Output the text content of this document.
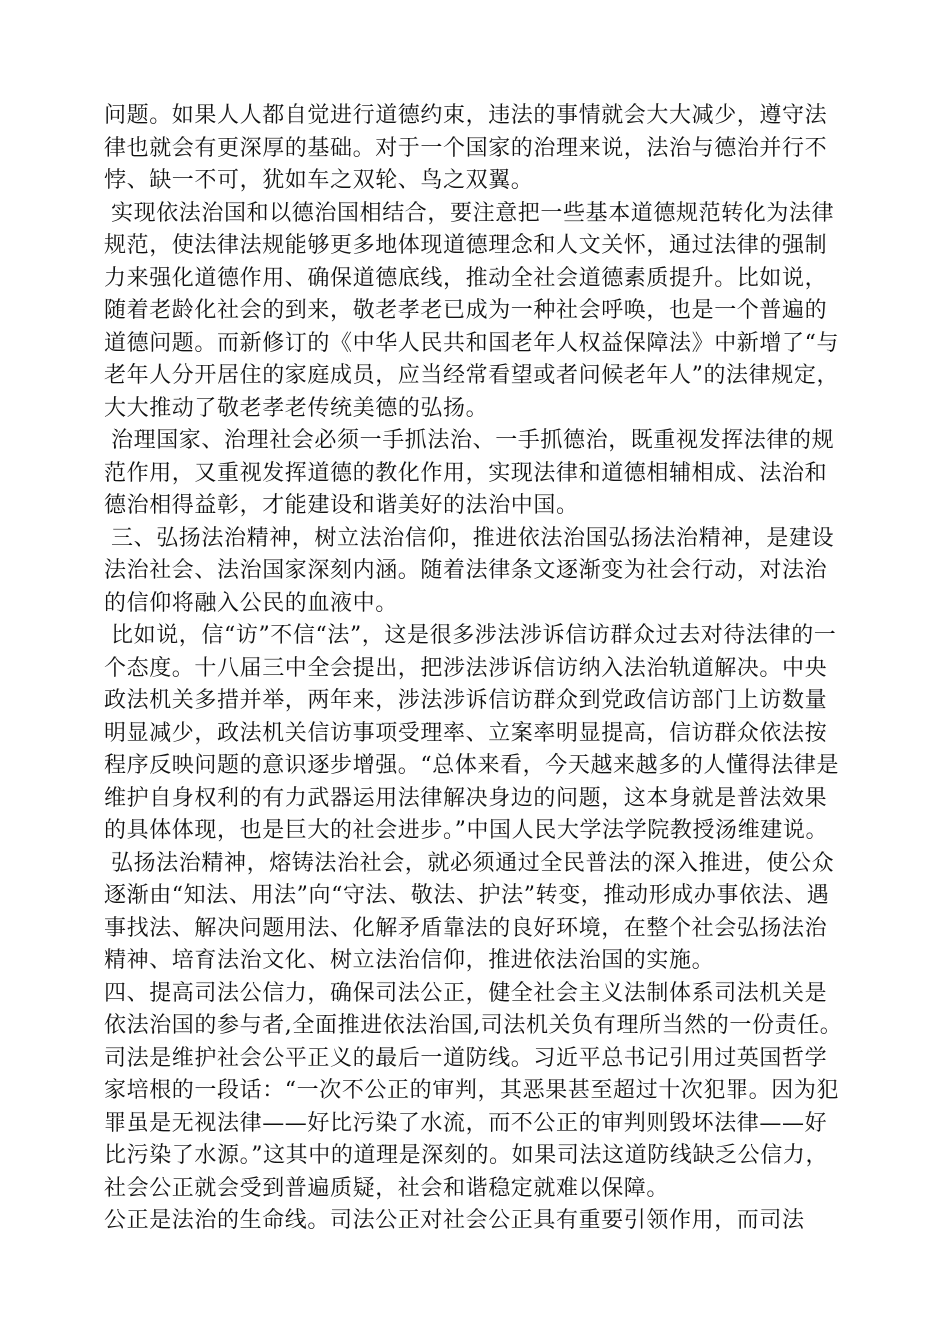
问题。如果人人都自觉进行道德约束，违法的事情就会大大减少，遵守法律也就会有更深厚的基础。对于一个国家的治理来说，法治与德治并行不悖、缺一不可，犹如车之双轮、鸟之双翼。

实现依法治国和以德治国相结合，要注意把一些基本道德规范转化为法律规范，使法律法规能够更多地体现道德理念和人文关怀，通过法律的强制力来强化道德作用、确保道德底线，推动全社会道德素质提升。比如说，随着老龄化社会的到来，敬老孝老已成为一种社会呼唤，也是一个普遍的道德问题。而新修订的《中华人民共和国老年人权益保障法》中新增了“与老年人分开居住的家庭成员，应当经常看望或者问候老年人”的法律规定，大大推动了敬老孝老传统美德的弘扬。

治理国家、治理社会必须一手抓法治、一手抓德治，既重视发挥法律的规范作用，又重视发挥道德的教化作用，实现法律和道德相辅相成、法治和德治相得益彰，才能建设和谐美好的法治中国。

三、弘扬法治精神，树立法治信仰，推进依法治国弘扬法治精神，是建设法治社会、法治国家深刻内涵。随着法律条文逐渐变为社会行动，对法治的信仰将融入公民的血液中。

比如说，信“访”不信“法”，这是很多涉法涉诉信访群众过去对待法律的一个态度。十八届三中全会提出，把涉法涉诉信访纳入法治轨道解决。中央政法机关多措并举，两年来，涉法涉诉信访群众到党政信访部门上访数量明显减少，政法机关信访事项受理率、立案率明显提高，信访群众依法按程序反映问题的意识逐步增强。“总体来看，今天越来越多的人懂得法律是维护自身权利的有力武器运用法律解决身边的问题，这本身就是普法效果的具体体现，也是巨大的社会进步。”中国人民大学法学院教授汤维建说。

弘扬法治精神，熔铸法治社会，就必须通过全民普法的深入推进，使公众逐渐由“知法、用法”向“守法、敬法、护法”转变，推动形成办事依法、遇事找法、解决问题用法、化解矛盾靠法的良好环境，在整个社会弘扬法治精神、培育法治文化、树立法治信仰，推进依法治国的实施。

四、提高司法公信力，确保司法公正，健全社会主义法制体系司法机关是依法治国的参与者,全面推进依法治国,司法机关负有理所当然的一份责任。司法是维护社会公平正义的最后一道防线。习近平总书记引用过英国哲学家培根的一段话：“一次不公正的审判，其恶果甚至超过十次犯罪。因为犯罪虽是无视法律——好比污染了水流，而不公正的审判则毁坏法律——好比污染了水源。”这其中的道理是深刻的。如果司法这道防线缺乏公信力，社会公正就会受到普遍质疑，社会和谐稳定就难以保障。

公正是法治的生命线。司法公正对社会公正具有重要引领作用，而司法
